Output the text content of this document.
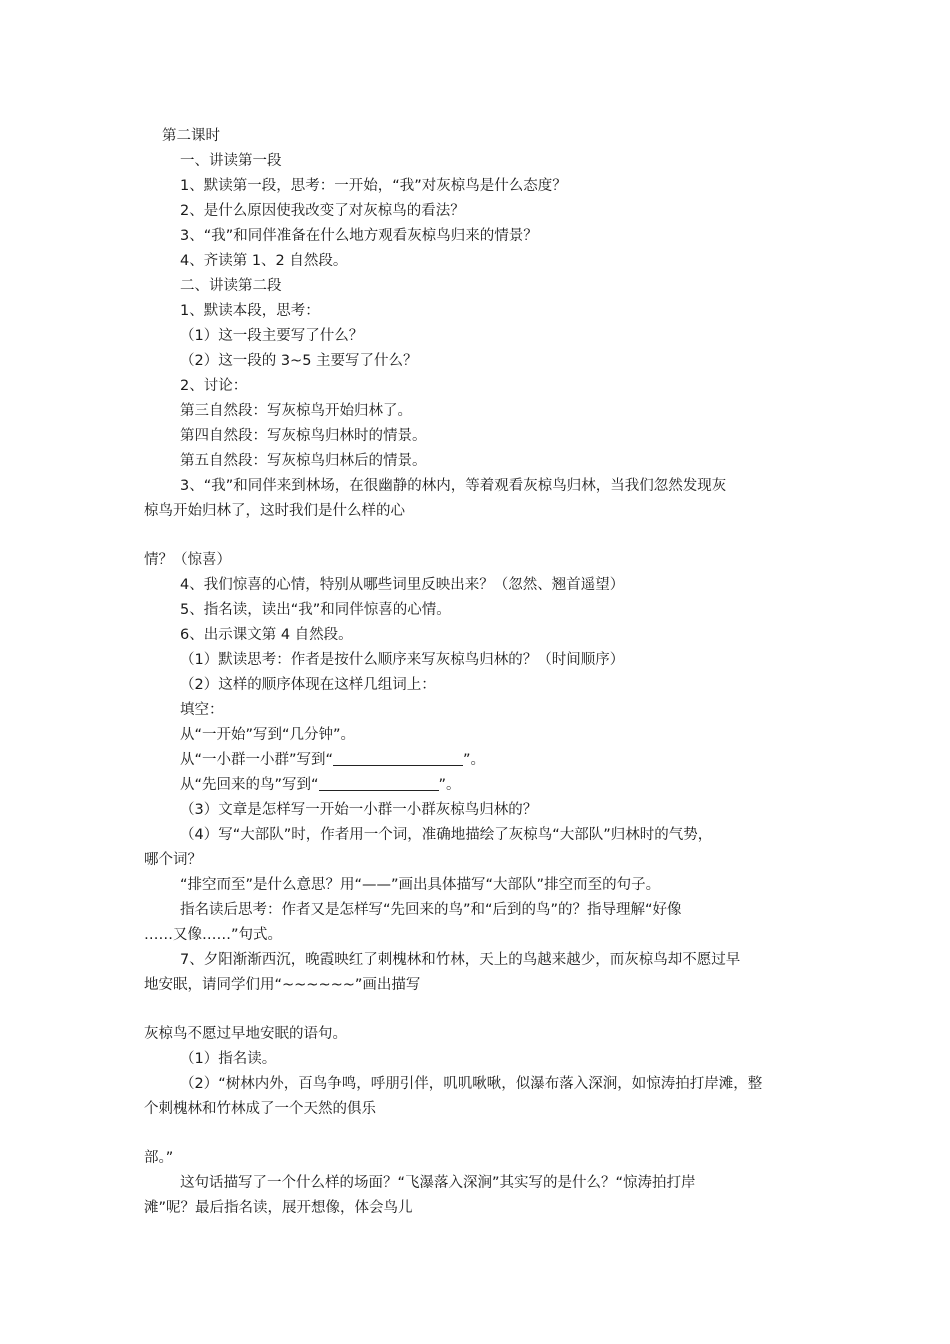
第二课时
一、讲读第一段
1、默读第一段，思考：一开始，“我”对灰椋鸟是什么态度？
2、是什么原因使我改变了对灰椋鸟的看法？
3、“我”和同伴准备在什么地方观看灰椋鸟归来的情景？
4、齐读第 1、2 自然段。
二、讲读第二段
1、默读本段，思考：
（1）这一段主要写了什么？
（2）这一段的 3~5 主要写了什么？
2、讨论：
第三自然段：写灰椋鸟开始归林了。
第四自然段：写灰椋鸟归林时的情景。
第五自然段：写灰椋鸟归林后的情景。
3、“我”和同伴来到林场，在很幽静的林内，等着观看灰椋鸟归林，当我们忽然发现灰
椋鸟开始归林了，这时我们是什么样的心
情？（惊喜）
4、我们惊喜的心情，特别从哪些词里反映出来？（忽然、翘首遥望）
5、指名读，读出“我”和同伴惊喜的心情。
6、出示课文第 4 自然段。
（1）默读思考：作者是按什么顺序来写灰椋鸟归林的？（时间顺序）
（2）这样的顺序体现在这样几组词上：
填空：
从“一开始”写到“几分钟”。
从“一小群一小群”写到“	”。
从“先回来的鸟”写到“	”。
（3）文章是怎样写一开始一小群一小群灰椋鸟归林的？
（4）写“大部队”时，作者用一个词，准确地描绘了灰椋鸟“大部队”归林时的气势，
哪个词？
“排空而至”是什么意思？用“——”画出具体描写“大部队”排空而至的句子。
指名读后思考：作者又是怎样写“先回来的鸟”和“后到的鸟”的？指导理解“好像
……又像……”句式。
7、夕阳渐渐西沉，晚霞映红了刺槐林和竹林，天上的鸟越来越少，而灰椋鸟却不愿过早
地安眠，请同学们用“~~~~~~”画出描写
灰椋鸟不愿过早地安眠的语句。
（1）指名读。
（2）“树林内外，百鸟争鸣，呼朋引伴，叽叽啾啾，似瀑布落入深涧，如惊涛拍打岸滩，整
个刺槐林和竹林成了一个天然的俱乐
部。”
这句话描写了一个什么样的场面？“飞瀑落入深涧”其实写的是什么？“惊涛拍打岸
滩”呢？最后指名读，展开想像，体会鸟儿
